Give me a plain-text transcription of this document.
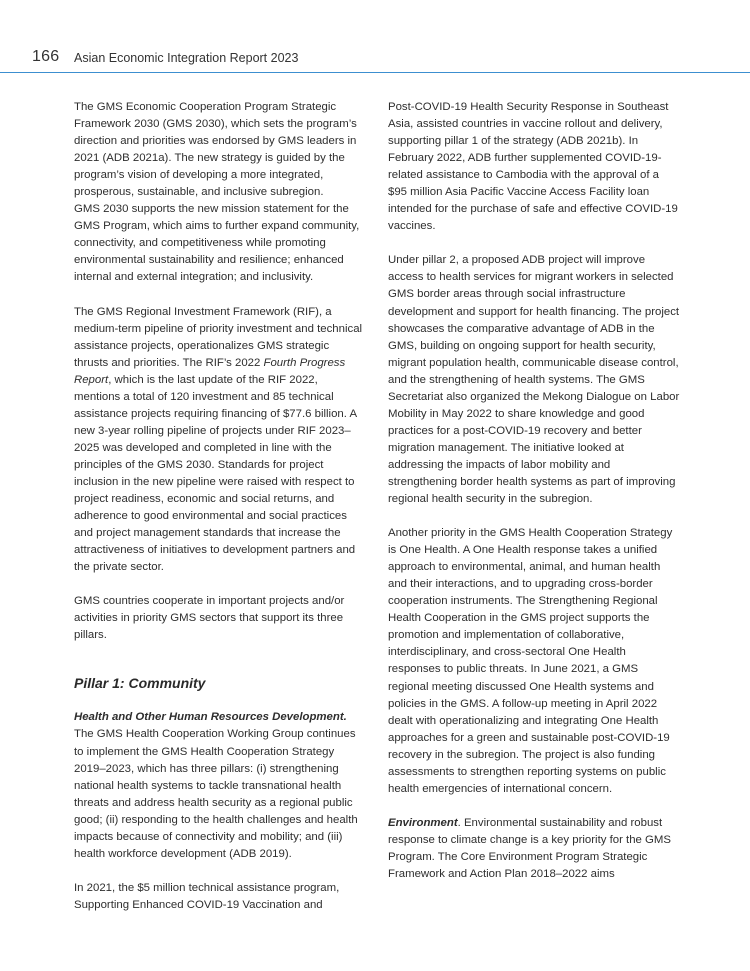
166 Asian Economic Integration Report 2023

The GMS Economic Cooperation Program Strategic Framework 2030 (GMS 2030), which sets the program’s direction and priorities was endorsed by GMS leaders in 2021 (ADB 2021a). The new strategy is guided by the program’s vision of developing a more integrated, prosperous, sustainable, and inclusive subregion.

GMS 2030 supports the new mission statement for the GMS Program, which aims to further expand community, connectivity, and competitiveness while promoting environmental sustainability and resilience; enhanced internal and external integration; and inclusivity.

The GMS Regional Investment Framework (RIF), a medium-term pipeline of priority investment and technical assistance projects, operationalizes GMS strategic thrusts and priorities. The RIF’s 2022 Fourth Progress Report, which is the last update of the RIF 2022, mentions a total of 120 investment and 85 technical assistance projects requiring financing of $77.6 billion. A new 3-year rolling pipeline of projects under RIF 2023–2025 was developed and completed in line with the principles of the GMS 2030. Standards for project inclusion in the new pipeline were raised with respect to project readiness, economic and social returns, and adherence to good environmental and social practices and project management standards that increase the attractiveness of initiatives to development partners and the private sector.

GMS countries cooperate in important projects and/or activities in priority GMS sectors that support its three pillars.

Pillar 1: Community

Health and Other Human Resources Development. The GMS Health Cooperation Working Group continues to implement the GMS Health Cooperation Strategy 2019–2023, which has three pillars: (i) strengthening national health systems to tackle transnational health threats and address health security as a regional public good; (ii) responding to the health challenges and health impacts because of connectivity and mobility; and (iii) health workforce development (ADB 2019).

In 2021, the $5 million technical assistance program, Supporting Enhanced COVID-19 Vaccination and

Post-COVID-19 Health Security Response in Southeast Asia, assisted countries in vaccine rollout and delivery, supporting pillar 1 of the strategy (ADB 2021b). In February 2022, ADB further supplemented COVID-19-related assistance to Cambodia with the approval of a $95 million Asia Pacific Vaccine Access Facility loan intended for the purchase of safe and effective COVID-19 vaccines.

Under pillar 2, a proposed ADB project will improve access to health services for migrant workers in selected GMS border areas through social infrastructure development and support for health financing. The project showcases the comparative advantage of ADB in the GMS, building on ongoing support for health security, migrant population health, communicable disease control, and the strengthening of health systems. The GMS Secretariat also organized the Mekong Dialogue on Labor Mobility in May 2022 to share knowledge and good practices for a post-COVID-19 recovery and better migration management. The initiative looked at addressing the impacts of labor mobility and strengthening border health systems as part of improving regional health security in the subregion.

Another priority in the GMS Health Cooperation Strategy is One Health. A One Health response takes a unified approach to environmental, animal, and human health and their interactions, and to upgrading cross-border cooperation instruments. The Strengthening Regional Health Cooperation in the GMS project supports the promotion and implementation of collaborative, interdisciplinary, and cross-sectoral One Health responses to public threats. In June 2021, a GMS regional meeting discussed One Health systems and policies in the GMS. A follow-up meeting in April 2022 dealt with operationalizing and integrating One Health approaches for a green and sustainable post-COVID-19 recovery in the subregion. The project is also funding assessments to strengthen reporting systems on public health emergencies of international concern.

Environment. Environmental sustainability and robust response to climate change is a key priority for the GMS Program. The Core Environment Program Strategic Framework and Action Plan 2018–2022 aims
